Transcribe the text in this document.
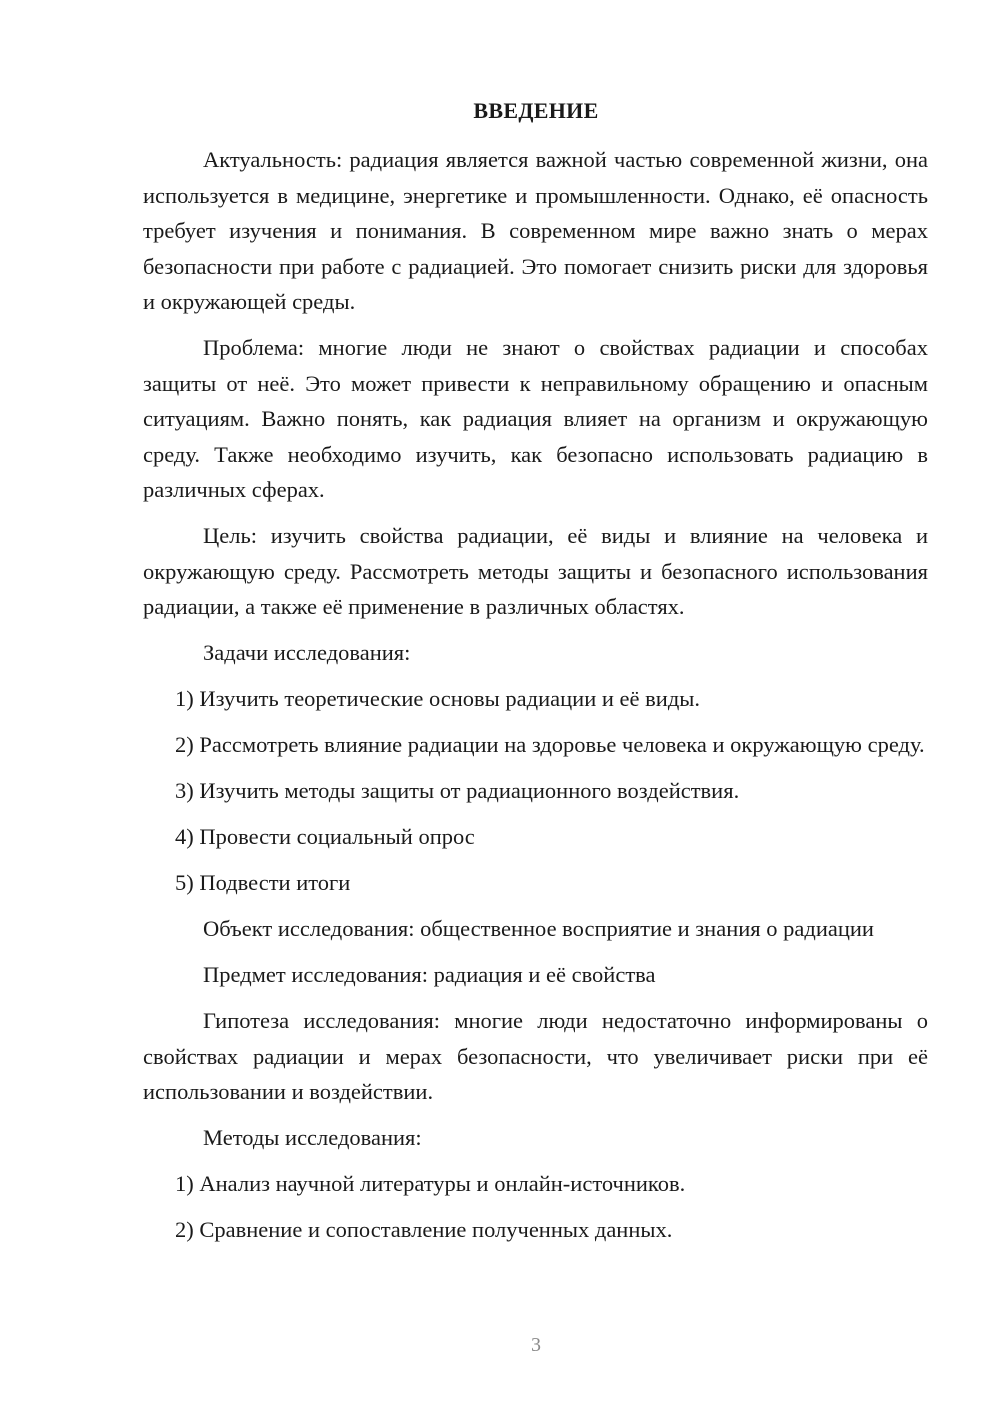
ВВЕДЕНИЕ

Актуальность: радиация является важной частью современной жизни, она используется в медицине, энергетике и промышленности. Однако, её опасность требует изучения и понимания. В современном мире важно знать о мерах безопасности при работе с радиацией. Это помогает снизить риски для здоровья и окружающей среды.

Проблема: многие люди не знают о свойствах радиации и способах защиты от неё. Это может привести к неправильному обращению и опасным ситуациям. Важно понять, как радиация влияет на организм и окружающую среду. Также необходимо изучить, как безопасно использовать радиацию в различных сферах.

Цель: изучить свойства радиации, её виды и влияние на человека и окружающую среду. Рассмотреть методы защиты и безопасного использования радиации, а также её применение в различных областях.

Задачи исследования:

1) Изучить теоретические основы радиации и её виды.

2) Рассмотреть влияние радиации на здоровье человека и окружающую среду.

3) Изучить методы защиты от радиационного воздействия.

4) Провести социальный опрос

5) Подвести итоги

Объект исследования: общественное восприятие и знания о радиации

Предмет исследования: радиация и её свойства

Гипотеза исследования: многие люди недостаточно информированы о свойствах радиации и мерах безопасности, что увеличивает риски при её использовании и воздействии.

Методы исследования:

1) Анализ научной литературы и онлайн-источников.

2) Сравнение и сопоставление полученных данных.

3
